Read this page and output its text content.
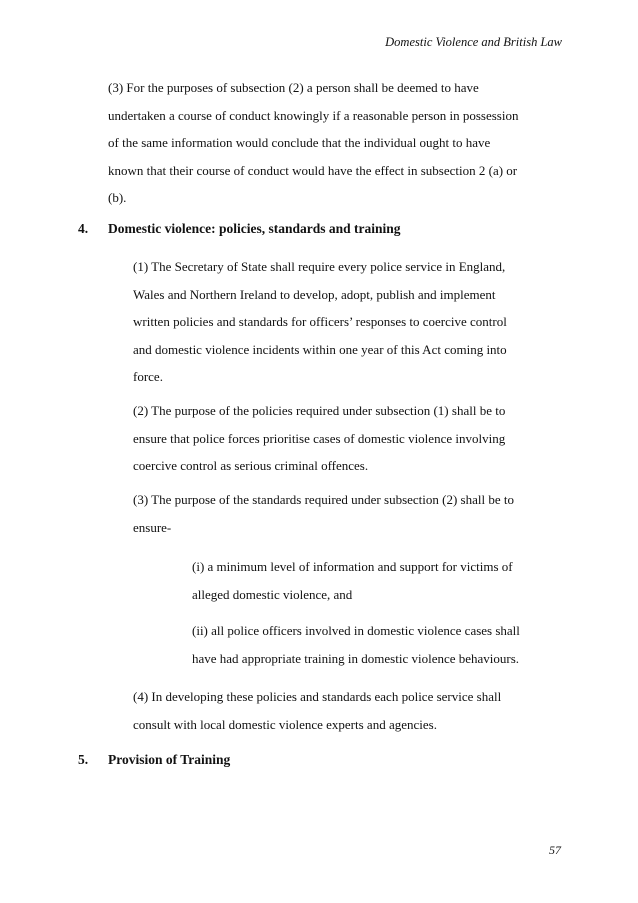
Domestic Violence and British Law
(3) For the purposes of subsection (2) a person shall be deemed to have
undertaken a course of conduct knowingly if a reasonable person in possession
of the same information would conclude that the individual ought to have
known that their course of conduct would have the effect in subsection 2 (a) or
(b).
4. Domestic violence: policies, standards and training
(1) The Secretary of State shall require every police service in England,
Wales and Northern Ireland to develop, adopt, publish and implement
written policies and standards for officers’ responses to coercive control
and domestic violence incidents within one year of this Act coming into
force.
(2) The purpose of the policies required under subsection (1) shall be to
ensure that police forces prioritise cases of domestic violence involving
coercive control as serious criminal offences.
(3) The purpose of the standards required under subsection (2) shall be to
ensure-
(i) a minimum level of information and support for victims of
alleged domestic violence, and
(ii) all police officers involved in domestic violence cases shall
have had appropriate training in domestic violence behaviours.
(4) In developing these policies and standards each police service shall
consult with local domestic violence experts and agencies.
5. Provision of Training
57
